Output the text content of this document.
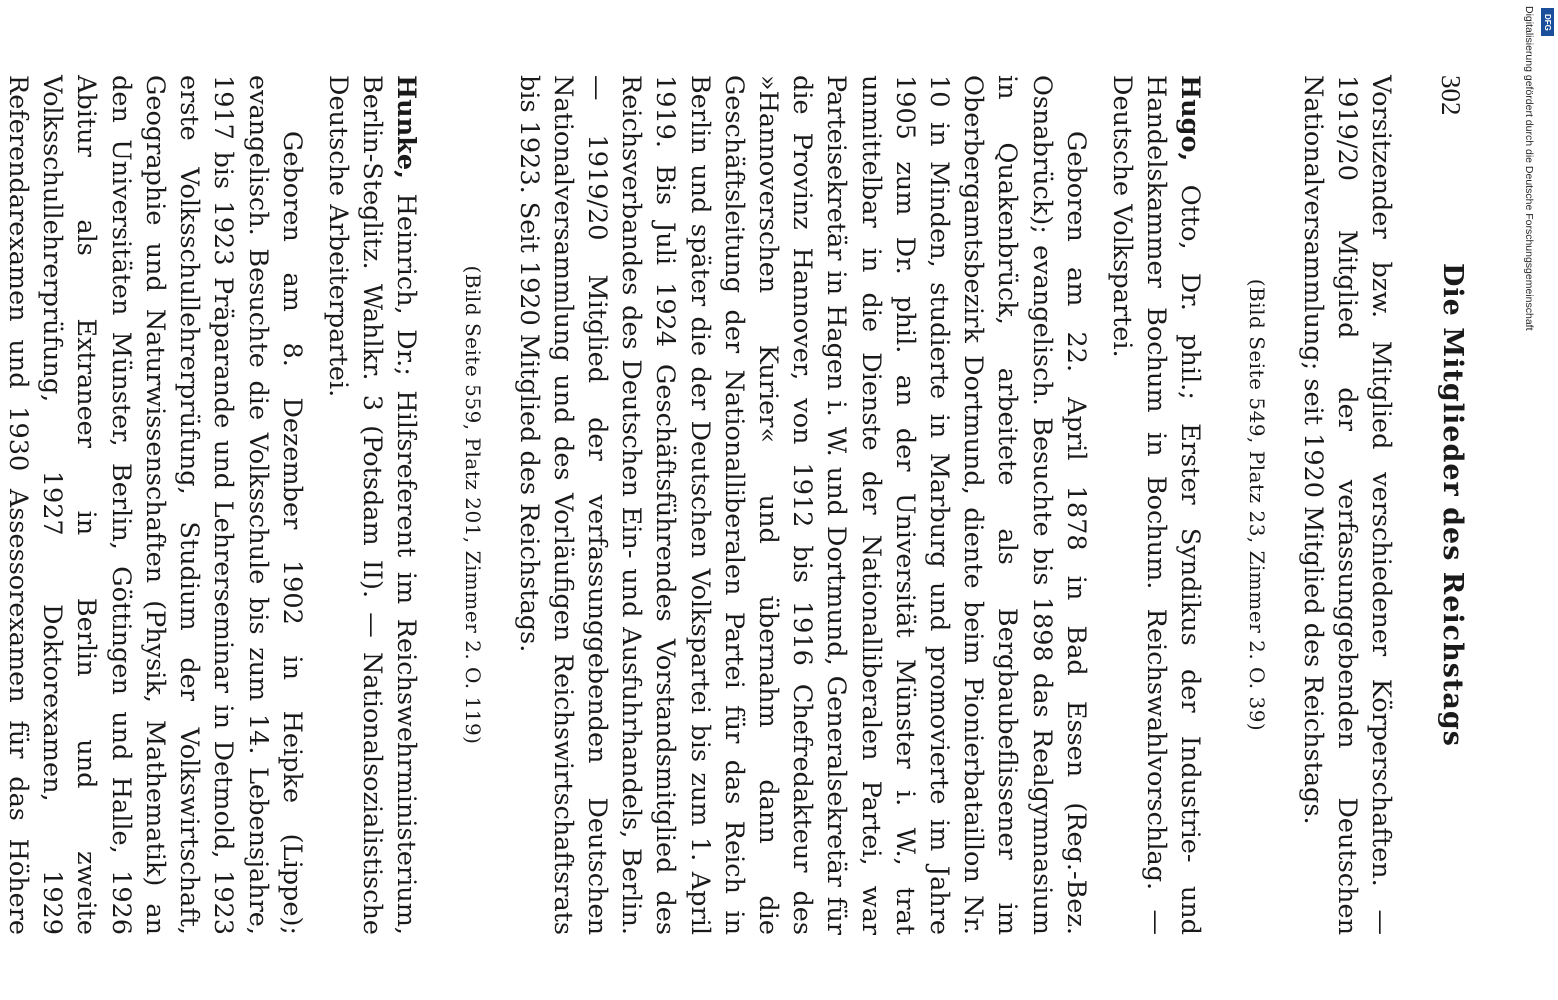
302
Die Mitglieder des Reichstags

Vorsitzender bzw. Mitglied verschiedener Körperschaften. — 1919/20 Mitglied der verfassunggebenden Deutschen Nationalversammlung; seit 1920 Mitglied des Reichstags.

(Bild Seite 549, Platz 23, Zimmer 2. O. 39)

Hugo, Otto, Dr. phil.; Erster Syndikus der Industrie- und Handelskammer Bochum in Bochum. Reichswahlvorschlag. — Deutsche Volkspartei.

Geboren am 22. April 1878 in Bad Essen (Reg.-Bez. Osnabrück); evangelisch. Besuchte bis 1898 das Realgymnasium in Quakenbrück, arbeitete als Bergbaubeflissener im Oberbergamtsbezirk Dortmund, diente beim Pionierbataillon Nr. 10 in Minden, studierte in Marburg und promovierte im Jahre 1905 zum Dr. phil. an der Universität Münster i. W., trat unmittelbar in die Dienste der Nationalliberalen Partei, war Parteisekretär in Hagen i. W. und Dortmund, Generalsekretär für die Provinz Hannover, von 1912 bis 1916 Chefredakteur des »Hannoverschen Kurier« und übernahm dann die Geschäftsleitung der Nationalliberalen Partei für das Reich in Berlin und später die der Deutschen Volkspartei bis zum 1. April 1919. Bis Juli 1924 Geschäftsführendes Vorstandsmitglied des Reichsverbandes des Deutschen Ein- und Ausfuhrhandels, Berlin. — 1919/20 Mitglied der verfassunggebenden Deutschen Nationalversammlung und des Vorläufigen Reichswirtschaftsrats bis 1923. Seit 1920 Mitglied des Reichstags.

(Bild Seite 559, Platz 201, Zimmer 2. O. 119)

Hunke, Heinrich, Dr.; Hilfsreferent im Reichswehrministerium, Berlin-Steglitz. Wahlkr. 3 (Potsdam II). — Nationalsozialistische Deutsche Arbeiterpartei.

Geboren am 8. Dezember 1902 in Heipke (Lippe); evangelisch. Besuchte die Volksschule bis zum 14. Lebensjahre, 1917 bis 1923 Präparande und Lehrerseminar in Detmold, 1923 erste Volksschullehrerprüfung, Studium der Volkswirtschaft, Geographie und Naturwissenschaften (Physik, Mathematik) an den Universitäten Münster, Berlin, Göttingen und Halle, 1926 Abitur als Extraneer in Berlin und zweite Volksschullehrerprüfung, 1927 Doktorexamen, 1929 Referendarexamen und 1930 Assessorexamen für das Höhere

Digitalisierung gefördert durch die Deutsche Forschungsgemeinschaft DFG
